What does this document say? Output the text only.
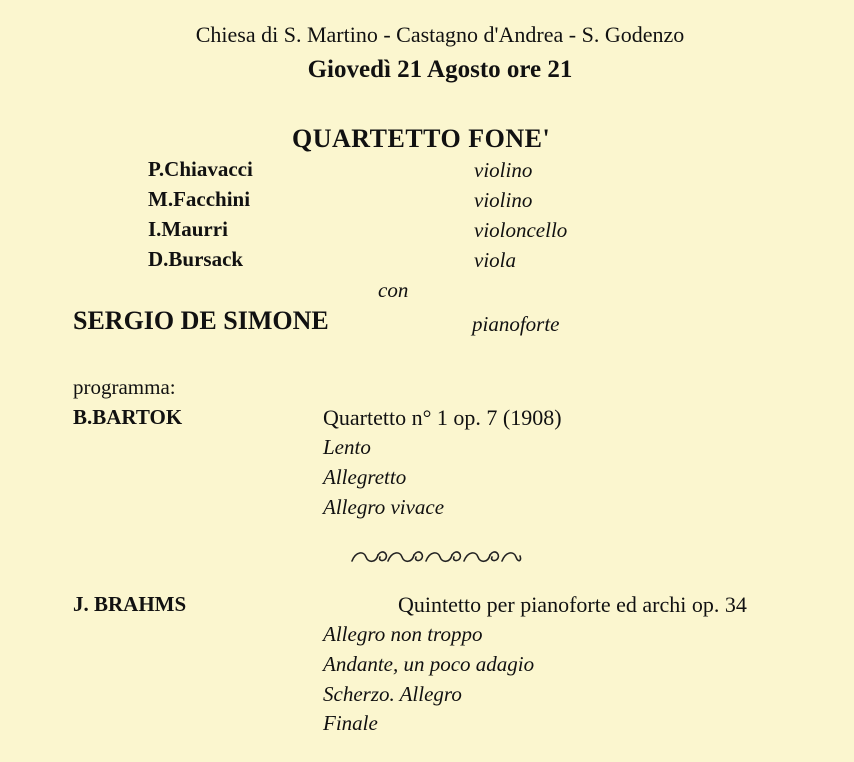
Chiesa di S. Martino - Castagno d'Andrea - S. Godenzo
Giovedì 21 Agosto ore 21
QUARTETTO FONE'
P.Chiavacci	violino
M.Facchini	violino
I.Maurri	violoncello
D.Bursack	viola
con
SERGIO DE SIMONE	pianoforte
programma:
B.BARTOK	Quartetto n° 1 op. 7 (1908)
Lento
Allegretto
Allegro vivace
J. BRAHMS	Quintetto per pianoforte ed archi op. 34
Allegro non troppo
Andante, un poco adagio
Scherzo. Allegro
Finale
